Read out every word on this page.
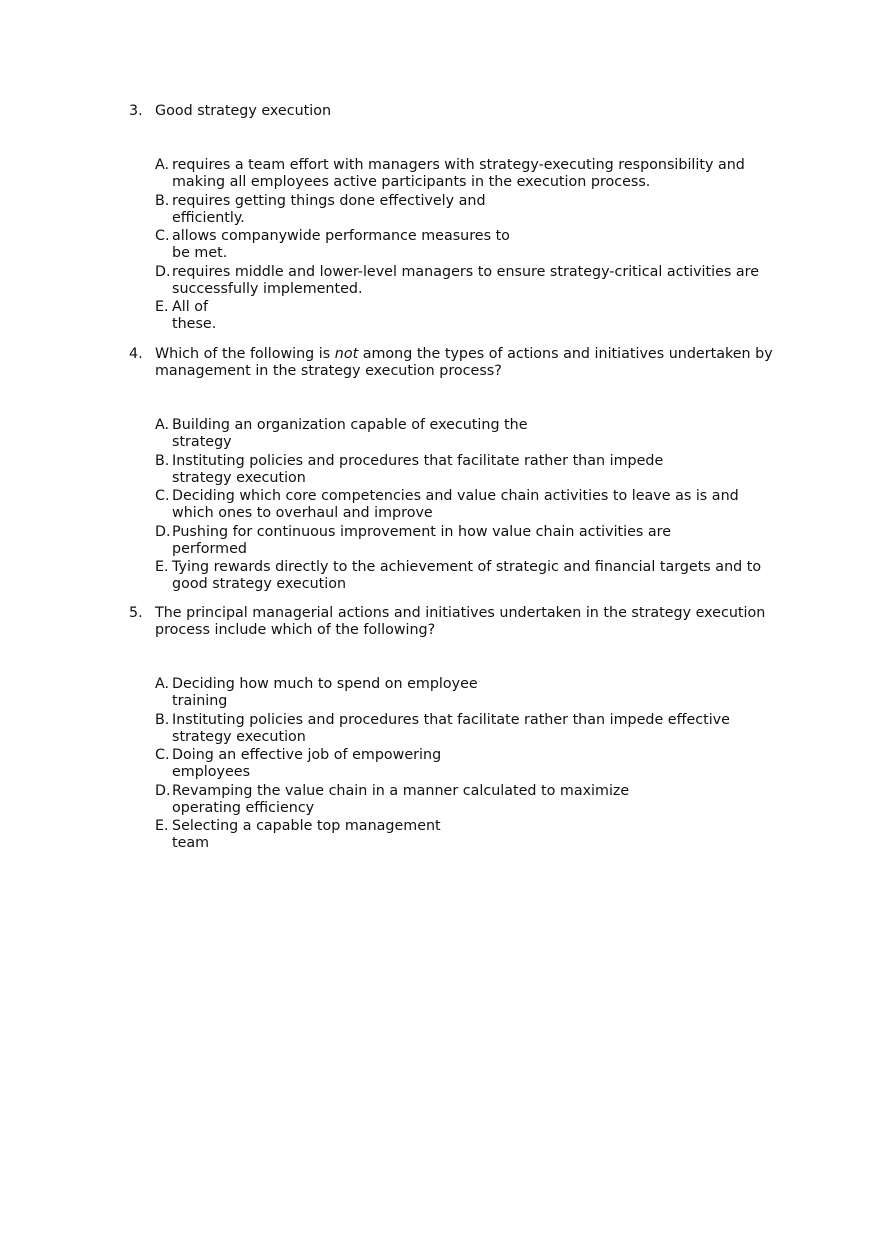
3. Good strategy execution
A. requires a team effort with managers with strategy-executing responsibility and
making all employees active participants in the execution process.
B. requires getting things done effectively and
efficiently.
C. allows companywide performance measures to
be met.
D. requires middle and lower-level managers to ensure strategy-critical activities are
successfully implemented.
E. All of
these.
4. Which of the following is not among the types of actions and initiatives undertaken by management in the strategy execution process?
A. Building an organization capable of executing the
strategy
B. Instituting policies and procedures that facilitate rather than impede
strategy execution
C. Deciding which core competencies and value chain activities to leave as is and
which ones to overhaul and improve
D. Pushing for continuous improvement in how value chain activities are
performed
E. Tying rewards directly to the achievement of strategic and financial targets and to
good strategy execution
5. The principal managerial actions and initiatives undertaken in the strategy execution process include which of the following?
A. Deciding how much to spend on employee
training
B. Instituting policies and procedures that facilitate rather than impede effective
strategy execution
C. Doing an effective job of empowering
employees
D. Revamping the value chain in a manner calculated to maximize
operating efficiency
E. Selecting a capable top management
team
